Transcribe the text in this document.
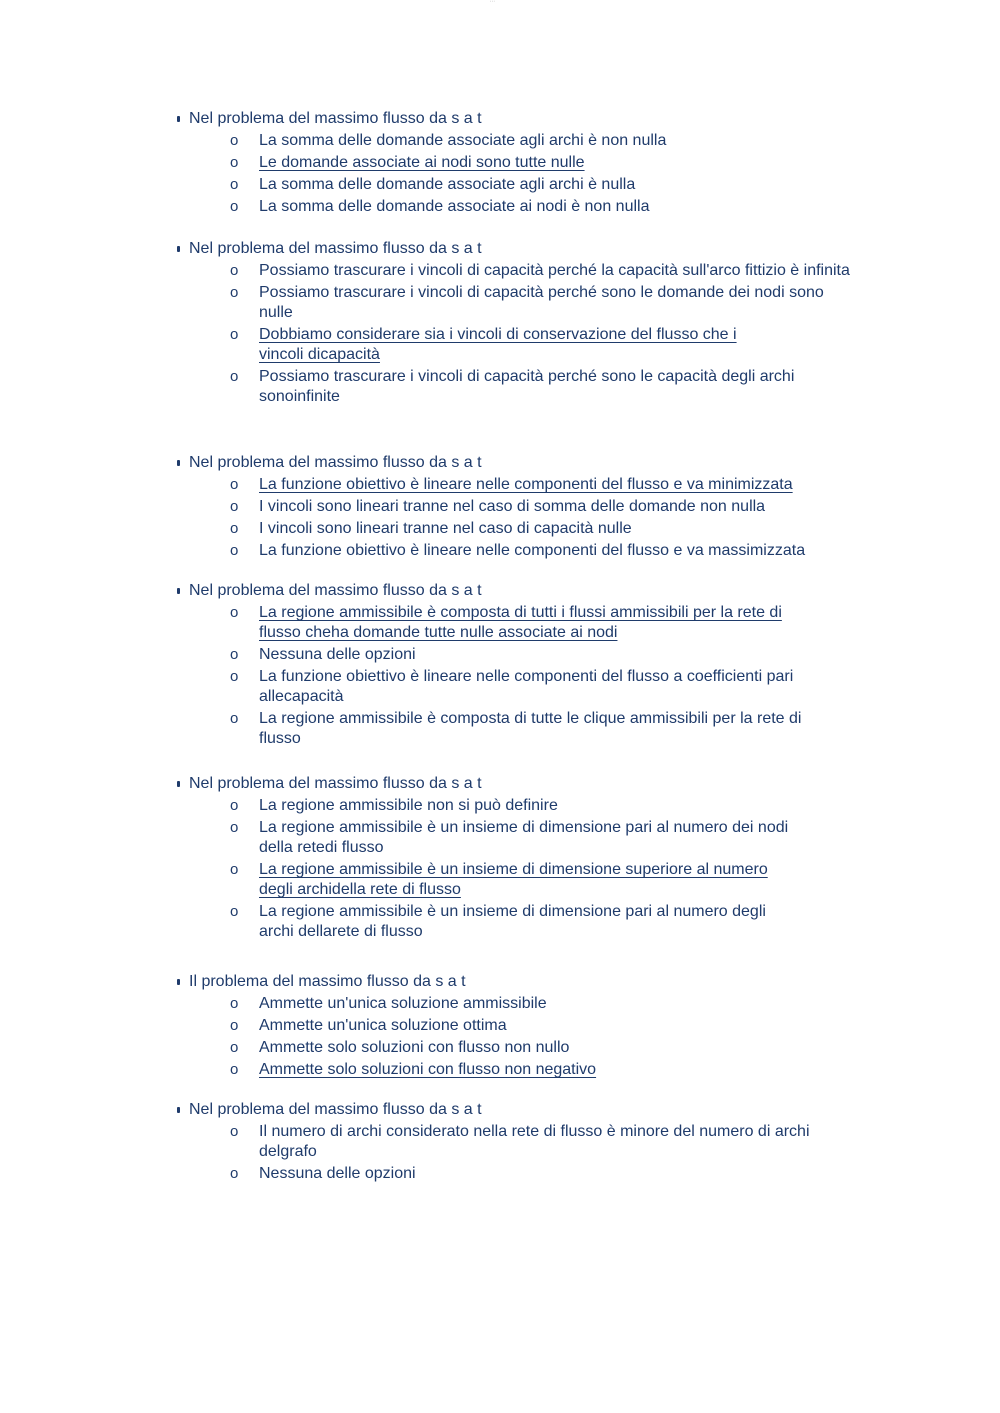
• • •
Nel problema del massimo flusso da s a t
o La somma delle domande associate agli archi è non nulla
o Le domande associate ai nodi sono tutte nulle
o La somma delle domande associate agli archi è nulla
o La somma delle domande associate ai nodi è non nulla
Nel problema del massimo flusso da s a t
o Possiamo trascurare i vincoli di capacità perché la capacità sull'arco fittizio è infinita
o Possiamo trascurare i vincoli di capacità perché sono le domande dei nodi sono nulle
o Dobbiamo considerare sia i vincoli di conservazione del flusso che i vincoli dicapacità
o Possiamo trascurare i vincoli di capacità perché sono le capacità degli archi sonoinfinite
Nel problema del massimo flusso da s a t
o La funzione obiettivo è lineare nelle componenti del flusso e va minimizzata
o I vincoli sono lineari tranne nel caso di somma delle domande non nulla
o I vincoli sono lineari tranne nel caso di capacità nulle
o La funzione obiettivo è lineare nelle componenti del flusso e va massimizzata
Nel problema del massimo flusso da s a t
o La regione ammissibile è composta di tutti i flussi ammissibili per la rete di flusso cheha domande tutte nulle associate ai nodi
o Nessuna delle opzioni
o La funzione obiettivo è lineare nelle componenti del flusso a coefficienti pari allecapacità
o La regione ammissibile è composta di tutte le clique ammissibili per la rete di flusso
Nel problema del massimo flusso da s a t
o La regione ammissibile non si può definire
o La regione ammissibile è un insieme di dimensione pari al numero dei nodi della retedi flusso
o La regione ammissibile è un insieme di dimensione superiore al numero degli archidella rete di flusso
o La regione ammissibile è un insieme di dimensione pari al numero degli archi dellarete di flusso
Il problema del massimo flusso da s a t
o Ammette un'unica soluzione ammissibile
o Ammette un'unica soluzione ottima
o Ammette solo soluzioni con flusso non nullo
o Ammette solo soluzioni con flusso non negativo
Nel problema del massimo flusso da s a t
o Il numero di archi considerato nella rete di flusso è minore del numero di archi delgrafo
o Nessuna delle opzioni
